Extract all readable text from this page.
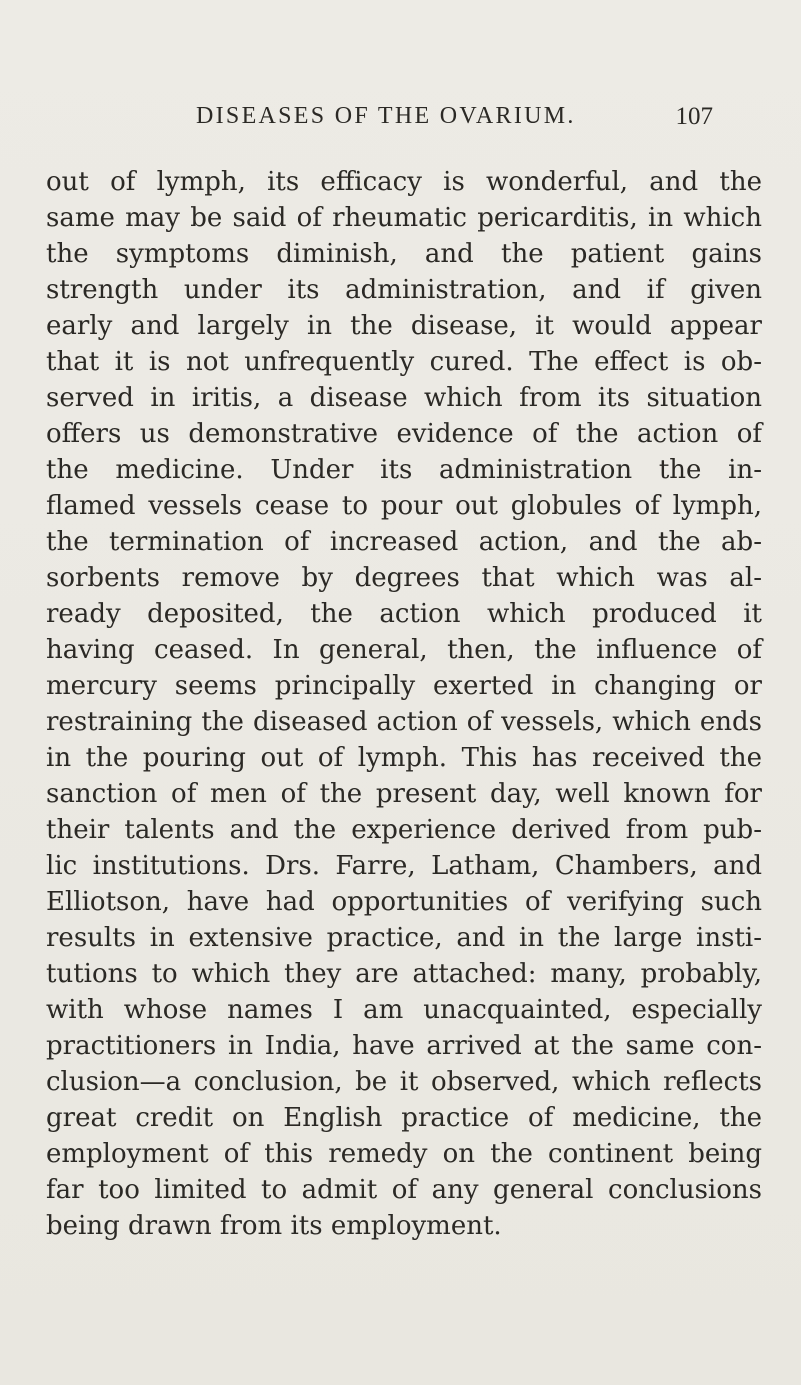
DISEASES OF THE OVARIUM.	107
out of lymph, its efficacy is wonderful, and the
same may be said of rheumatic pericarditis, in which
the symptoms diminish, and the patient gains
strength under its administration, and if given
early and largely in the disease, it would appear
that it is not unfrequently cured. The effect is ob-
served in iritis, a disease which from its situation
offers us demonstrative evidence of the action of
the medicine. Under its administration the in-
flamed vessels cease to pour out globules of lymph,
the termination of increased action, and the ab-
sorbents remove by degrees that which was al-
ready deposited, the action which produced it
having ceased. In general, then, the influence of
mercury seems principally exerted in changing or
restraining the diseased action of vessels, which ends
in the pouring out of lymph. This has received the
sanction of men of the present day, well known for
their talents and the experience derived from pub-
lic institutions. Drs. Farre, Latham, Chambers, and
Elliotson, have had opportunities of verifying such
results in extensive practice, and in the large insti-
tutions to which they are attached: many, probably,
with whose names I am unacquainted, especially
practitioners in India, have arrived at the same con-
clusion—a conclusion, be it observed, which reflects
great credit on English practice of medicine, the
employment of this remedy on the continent being
far too limited to admit of any general conclusions
being drawn from its employment.
